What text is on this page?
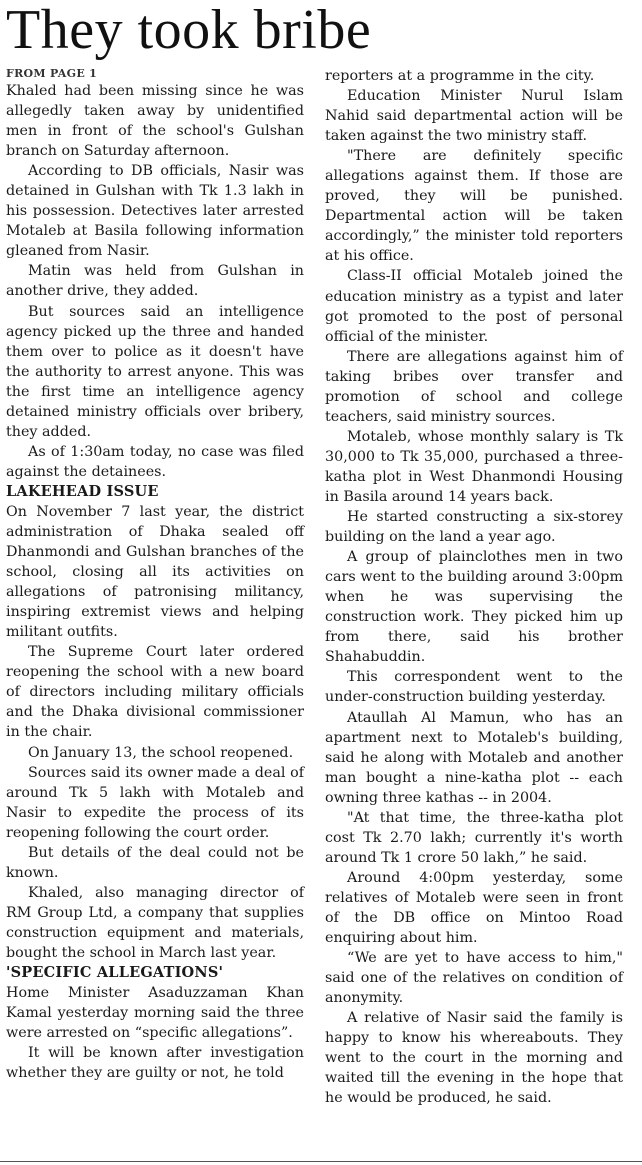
They took bribe

FROM PAGE 1

Khaled had been missing since he was allegedly taken away by unidentified men in front of the school's Gulshan branch on Saturday afternoon.

According to DB officials, Nasir was detained in Gulshan with Tk 1.3 lakh in his possession. Detectives later arrested Motaleb at Basila following information gleaned from Nasir.

Matin was held from Gulshan in another drive, they added.

But sources said an intelligence agency picked up the three and handed them over to police as it doesn't have the authority to arrest anyone. This was the first time an intelligence agency detained ministry officials over bribery, they added.

As of 1:30am today, no case was filed against the detainees.

LAKEHEAD ISSUE

On November 7 last year, the district administration of Dhaka sealed off Dhanmondi and Gulshan branches of the school, closing all its activities on allegations of patronising militancy, inspiring extremist views and helping militant outfits.

The Supreme Court later ordered reopening the school with a new board of directors including military officials and the Dhaka divisional commissioner in the chair.

On January 13, the school reopened.

Sources said its owner made a deal of around Tk 5 lakh with Motaleb and Nasir to expedite the process of its reopening following the court order.

But details of the deal could not be known.

Khaled, also managing director of RM Group Ltd, a company that supplies construction equipment and materials, bought the school in March last year.

'SPECIFIC ALLEGATIONS'

Home Minister Asaduzzaman Khan Kamal yesterday morning said the three were arrested on “specific allegations”.

It will be known after investigation whether they are guilty or not, he told

reporters at a programme in the city.

Education Minister Nurul Islam Nahid said departmental action will be taken against the two ministry staff.

"There are definitely specific allegations against them. If those are proved, they will be punished. Departmental action will be taken accordingly,” the minister told reporters at his office.

Class-II official Motaleb joined the education ministry as a typist and later got promoted to the post of personal official of the minister.

There are allegations against him of taking bribes over transfer and promotion of school and college teachers, said ministry sources.

Motaleb, whose monthly salary is Tk 30,000 to Tk 35,000, purchased a three-katha plot in West Dhanmondi Housing in Basila around 14 years back.

He started constructing a six-storey building on the land a year ago.

A group of plainclothes men in two cars went to the building around 3:00pm when he was supervising the construction work. They picked him up from there, said his brother Shahabuddin.

This correspondent went to the under-construction building yesterday.

Ataullah Al Mamun, who has an apartment next to Motaleb's building, said he along with Motaleb and another man bought a nine-katha plot -- each owning three kathas -- in 2004.

"At that time, the three-katha plot cost Tk 2.70 lakh; currently it's worth around Tk 1 crore 50 lakh,” he said.

Around 4:00pm yesterday, some relatives of Motaleb were seen in front of the DB office on Mintoo Road enquiring about him.

“We are yet to have access to him," said one of the relatives on condition of anonymity.

A relative of Nasir said the family is happy to know his whereabouts. They went to the court in the morning and waited till the evening in the hope that he would be produced, he said.
